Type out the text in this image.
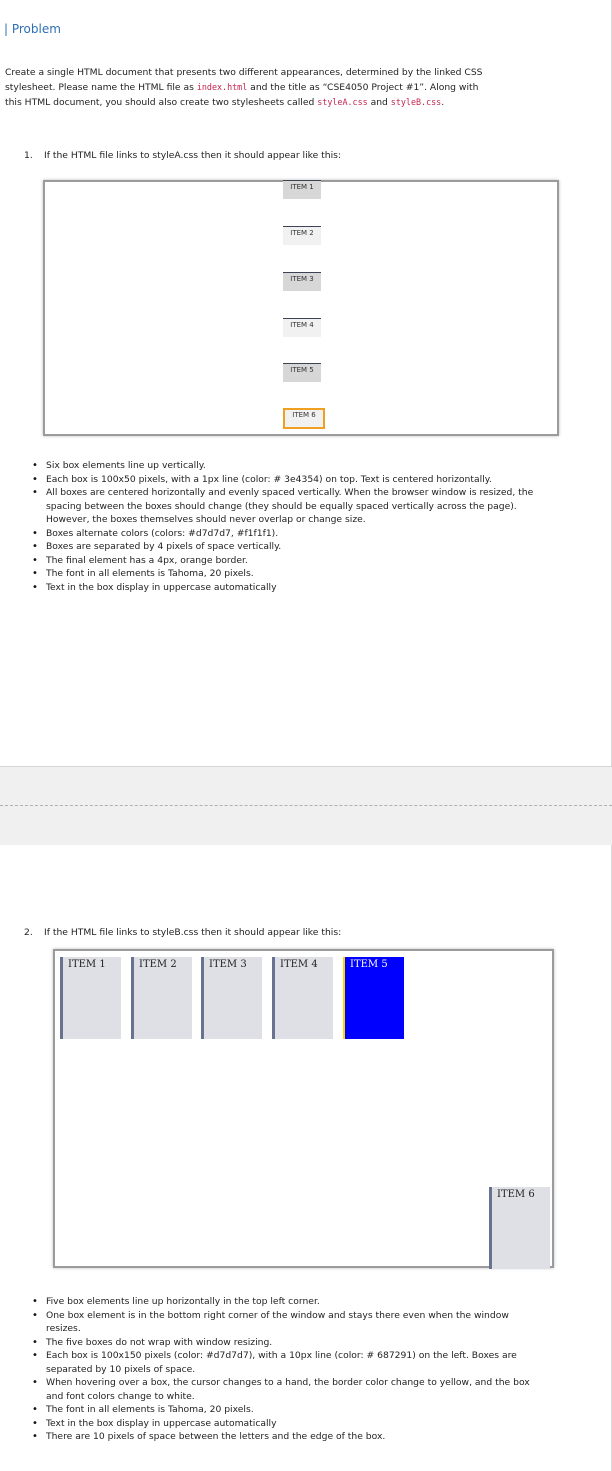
| Problem
Create a single HTML document that presents two different appearances, determined by the linked CSS
stylesheet. Please name the HTML file as index.html and the title as “CSE4050 Project #1”. Along with
this HTML document, you should also create two stylesheets called styleA.css and styleB.css.
1. If the HTML file links to styleA.css then it should appear like this:
ITEM 1
ITEM 2
ITEM 3
ITEM 4
ITEM 5
ITEM 6
• Six box elements line up vertically.
• Each box is 100x50 pixels, with a 1px line (color: # 3e4354) on top. Text is centered horizontally.
• All boxes are centered horizontally and evenly spaced vertically. When the browser window is resized, the spacing between the boxes should change (they should be equally spaced vertically across the page). However, the boxes themselves should never overlap or change size.
• Boxes alternate colors (colors: #d7d7d7, #f1f1f1).
• Boxes are separated by 4 pixels of space vertically.
• The final element has a 4px, orange border.
• The font in all elements is Tahoma, 20 pixels.
• Text in the box display in uppercase automatically
2. If the HTML file links to styleB.css then it should appear like this:
ITEM 1	ITEM 2	ITEM 3	ITEM 4	ITEM 5
ITEM 6
• Five box elements line up horizontally in the top left corner.
• One box element is in the bottom right corner of the window and stays there even when the window resizes.
• The five boxes do not wrap with window resizing.
• Each box is 100x150 pixels (color: #d7d7d7), with a 10px line (color: # 687291) on the left. Boxes are separated by 10 pixels of space.
• When hovering over a box, the cursor changes to a hand, the border color change to yellow, and the box and font colors change to white.
• The font in all elements is Tahoma, 20 pixels.
• Text in the box display in uppercase automatically
• There are 10 pixels of space between the letters and the edge of the box.
